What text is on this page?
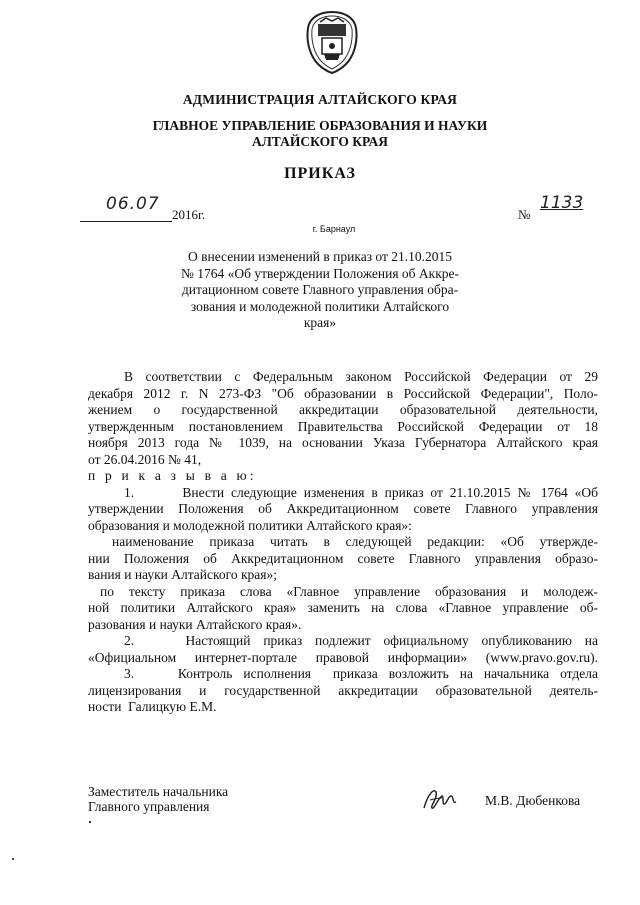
АДМИНИСТРАЦИЯ АЛТАЙСКОГО КРАЯ
ГЛАВНОЕ УПРАВЛЕНИЕ ОБРАЗОВАНИЯ И НАУКИ
АЛТАЙСКОГО КРАЯ
ПРИКАЗ
06.07
2016г.	№
1133
г. Барнаул
О внесении изменений в приказ от 21.10.2015
№ 1764 «Об утверждении Положения об Аккре-
дитационном совете Главного управления обра-
зования и молодежной политики Алтайского
края»
В соответствии с Федеральным законом Российской Федерации от 29
декабря 2012 г. N 273-ФЗ "Об образовании в Российской Федерации", Поло-
жением о государственной аккредитации образовательной деятельности,
утвержденным постановлением Правительства Российской Федерации от 18
ноября 2013 года № 1039, на основании Указа Губернатора Алтайского края
от 26.04.2016 № 41,
п р и к а з ы в а ю:
1.       Внести следующие изменения в приказ от 21.10.2015 № 1764 «Об
утверждении Положения об Аккредитационном совете Главного управления
образования и молодежной политики Алтайского края»:
наименование приказа читать в следующей редакции: «Об утвержде-
нии Положения об Аккредитационном совете Главного управления образо-
вания и науки Алтайского края»;
по тексту приказа слова «Главное управление образования и молодеж-
ной политики Алтайского края» заменить на слова «Главное управление об-
разования и науки Алтайского края».
2.    Настоящий приказ подлежит официальному опубликованию на
«Официальном интернет-портале правовой информации» (www.pravo.gov.ru).
3.    Контроль исполнения  приказа возложить на начальника отдела
лицензирования и государственной аккредитации образовательной деятель-
ности  Галицкую Е.М.
Заместитель начальника
Главного управления	М.В. Дюбенкова
